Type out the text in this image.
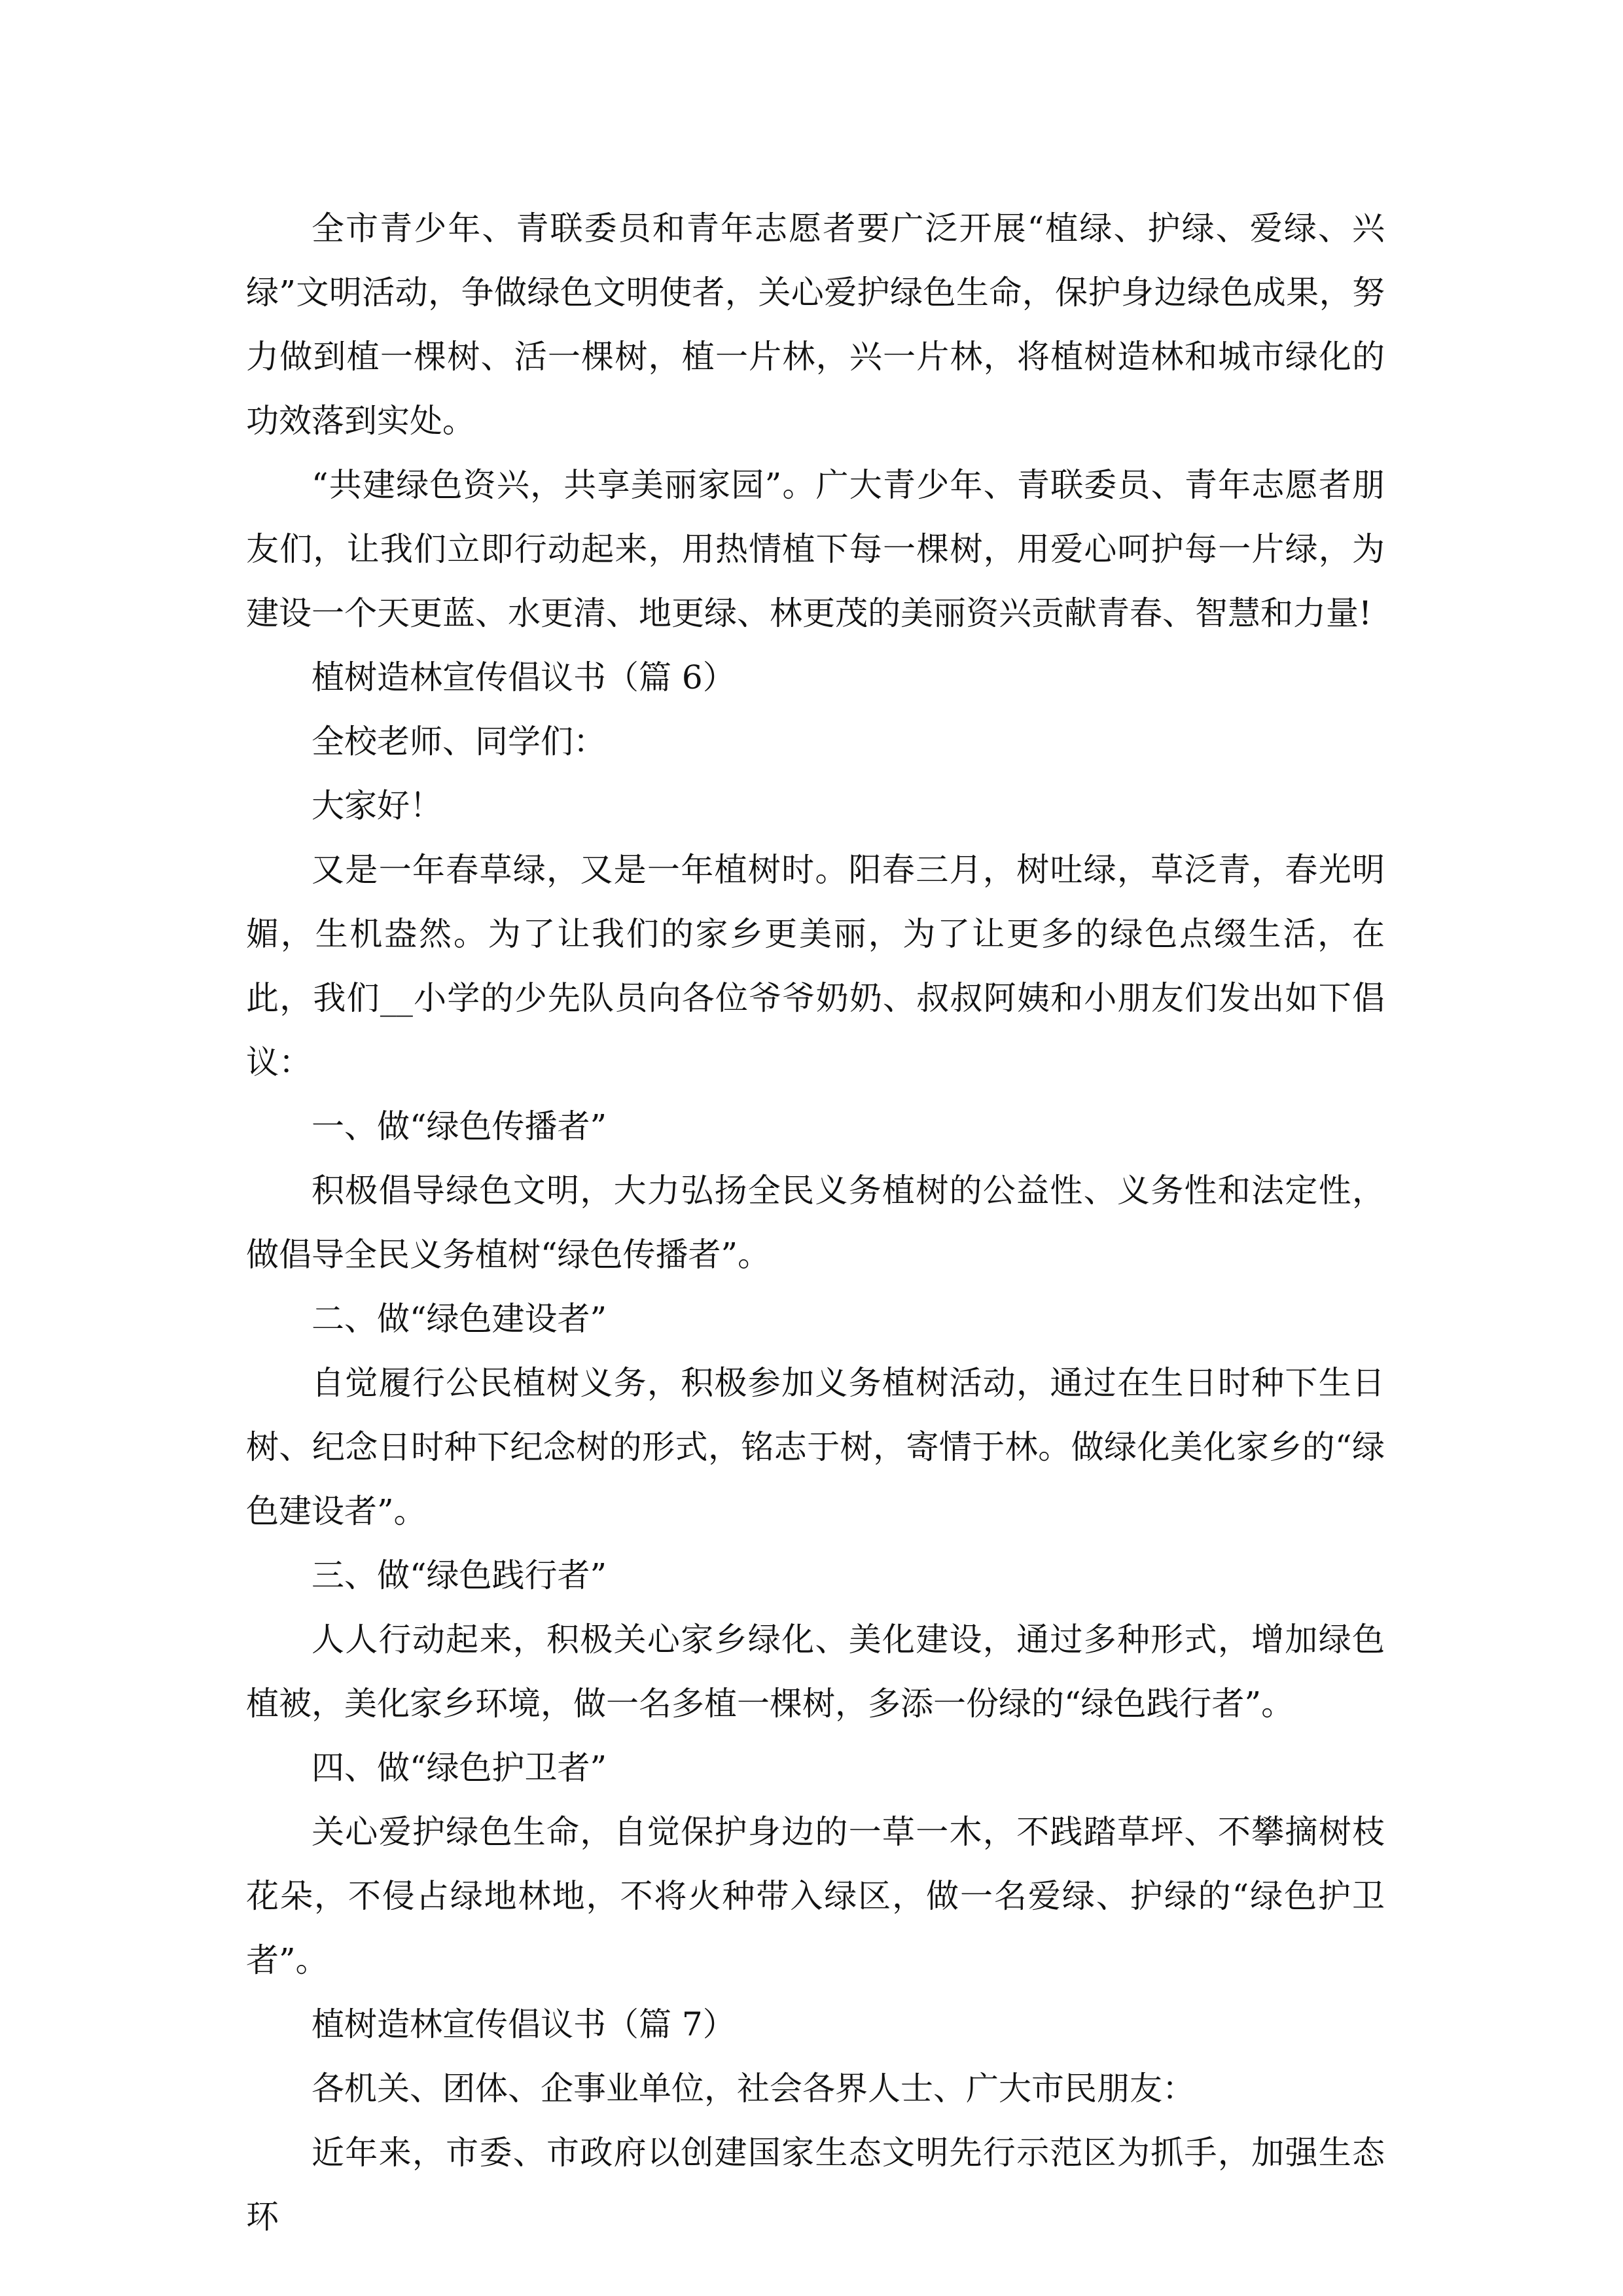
全市青少年、青联委员和青年志愿者要广泛开展“植绿、护绿、爱绿、兴绿”文明活动，争做绿色文明使者，关心爱护绿色生命，保护身边绿色成果，努力做到植一棵树、活一棵树，植一片林，兴一片林，将植树造林和城市绿化的功效落到实处。

“共建绿色资兴，共享美丽家园”。广大青少年、青联委员、青年志愿者朋友们，让我们立即行动起来，用热情植下每一棵树，用爱心呵护每一片绿，为建设一个天更蓝、水更清、地更绿、林更茂的美丽资兴贡献青春、智慧和力量!

植树造林宣传倡议书（篇 6）

全校老师、同学们：

大家好！

又是一年春草绿，又是一年植树时。阳春三月，树吐绿，草泛青，春光明媚，生机盎然。为了让我们的家乡更美丽，为了让更多的绿色点缀生活，在此，我们__小学的少先队员向各位爷爷奶奶、叔叔阿姨和小朋友们发出如下倡议：

一、做“绿色传播者”

积极倡导绿色文明，大力弘扬全民义务植树的公益性、义务性和法定性，做倡导全民义务植树“绿色传播者”。

二、做“绿色建设者”

自觉履行公民植树义务，积极参加义务植树活动，通过在生日时种下生日树、纪念日时种下纪念树的形式，铭志于树，寄情于林。做绿化美化家乡的“绿色建设者”。

三、做“绿色践行者”

人人行动起来，积极关心家乡绿化、美化建设，通过多种形式，增加绿色植被，美化家乡环境，做一名多植一棵树，多添一份绿的“绿色践行者”。

四、做“绿色护卫者”

关心爱护绿色生命，自觉保护身边的一草一木，不践踏草坪、不攀摘树枝花朵，不侵占绿地林地，不将火种带入绿区，做一名爱绿、护绿的“绿色护卫者”。

植树造林宣传倡议书（篇 7）

各机关、团体、企事业单位，社会各界人士、广大市民朋友：

近年来，市委、市政府以创建国家生态文明先行示范区为抓手，加强生态环
